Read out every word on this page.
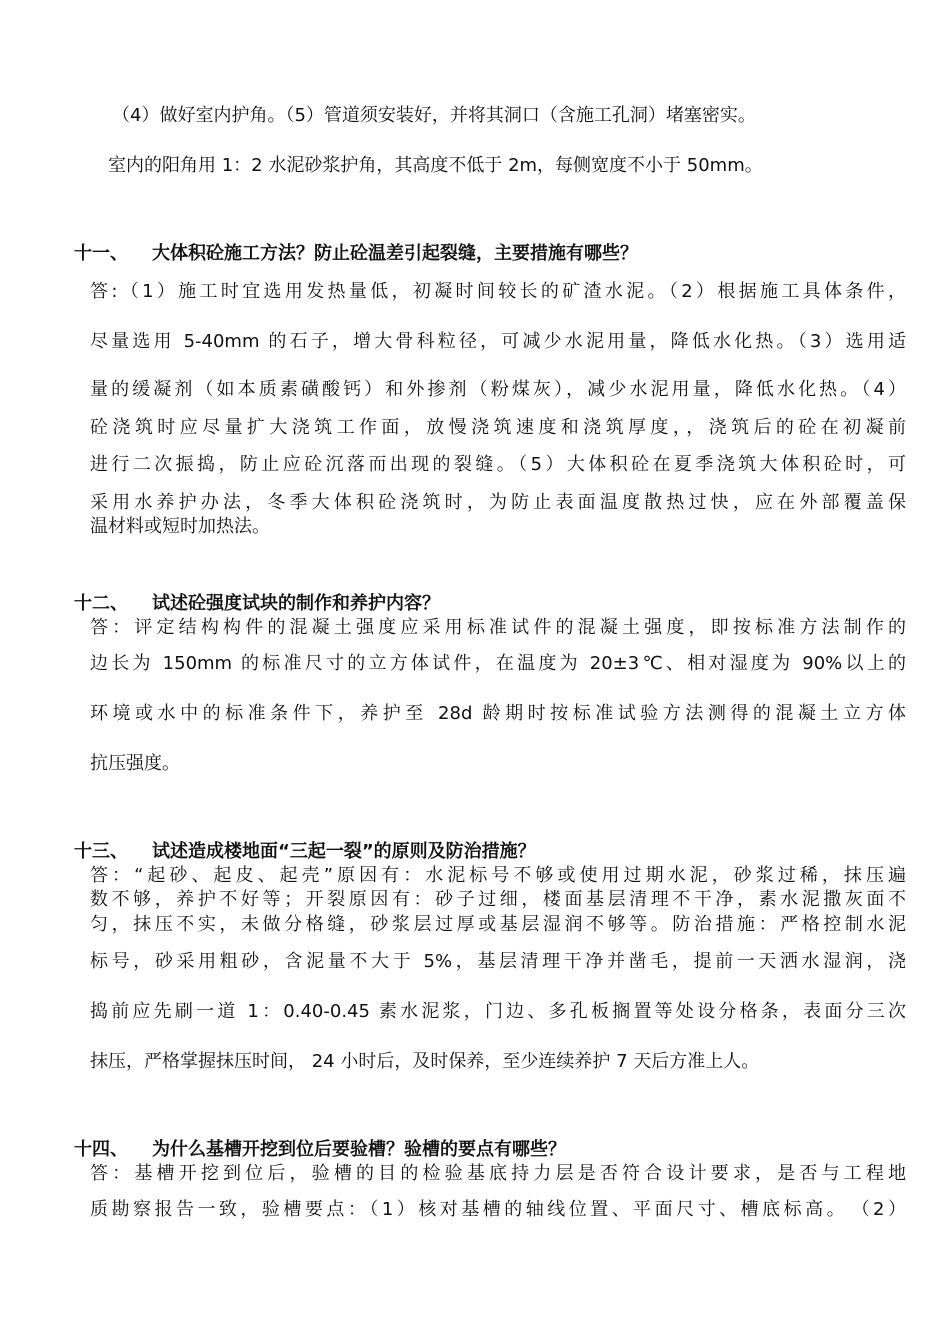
（4）做好室内护角。（5）管道须安装好，并将其洞口（含施工孔洞）堵塞密实。
室内的阳角用 1：2 水泥砂浆护角，其高度不低于 2m，每侧宽度不小于 50mm。
十一、 大体积砼施工方法？防止砼温差引起裂缝，主要措施有哪些？
答:（1）施工时宜选用发热量低，初凝时间较长的矿渣水泥。（2）根据施工具体条件，
尽量选用 5-40mm 的石子，增大骨科粒径，可减少水泥用量，降低水化热。（3）选用适
量的缓凝剂（如本质素磺酸钙）和外掺剂（粉煤灰），减少水泥用量，降低水化热。（4）
砼浇筑时应尽量扩大浇筑工作面，放慢浇筑速度和浇筑厚度，，浇筑后的砼在初凝前
进行二次振捣，防止应砼沉落而出现的裂缝。（5）大体积砼在夏季浇筑大体积砼时，可
采用水养护办法，冬季大体积砼浇筑时，为防止表面温度散热过快，应在外部覆盖保
温材料或短时加热法。
十二、 试述砼强度试块的制作和养护内容？
答：评定结构构件的混凝土强度应采用标准试件的混凝土强度，即按标准方法制作的
边长为 150mm 的标准尺寸的立方体试件，在温度为 20±3℃、相对湿度为 90%以上的
环境或水中的标准条件下，养护至 28d 龄期时按标准试验方法测得的混凝土立方体
抗压强度。
十三、 试述造成楼地面“三起一裂”的原则及防治措施？
答：“起砂、起皮、起壳”原因有：水泥标号不够或使用过期水泥，砂浆过稀，抹压遍
数不够，养护不好等；开裂原因有：砂子过细，楼面基层清理不干净，素水泥撒灰面不
匀，抹压不实，未做分格缝，砂浆层过厚或基层湿润不够等。防治措施：严格控制水泥
标号，砂采用粗砂，含泥量不大于 5%，基层清理干净并凿毛，提前一天洒水湿润，浇
捣前应先刷一道 1：0.40-0.45 素水泥浆，门边、多孔板搁置等处设分格条，表面分三次
抹压，严格掌握抹压时间， 24 小时后，及时保养，至少连续养护 7 天后方准上人。
十四、 为什么基槽开挖到位后要验槽？验槽的要点有哪些？
答：基槽开挖到位后，验槽的目的检验基底持力层是否符合设计要求，是否与工程地
质勘察报告一致，验槽要点：（1）核对基槽的轴线位置、平面尺寸、槽底标高。　（2）
